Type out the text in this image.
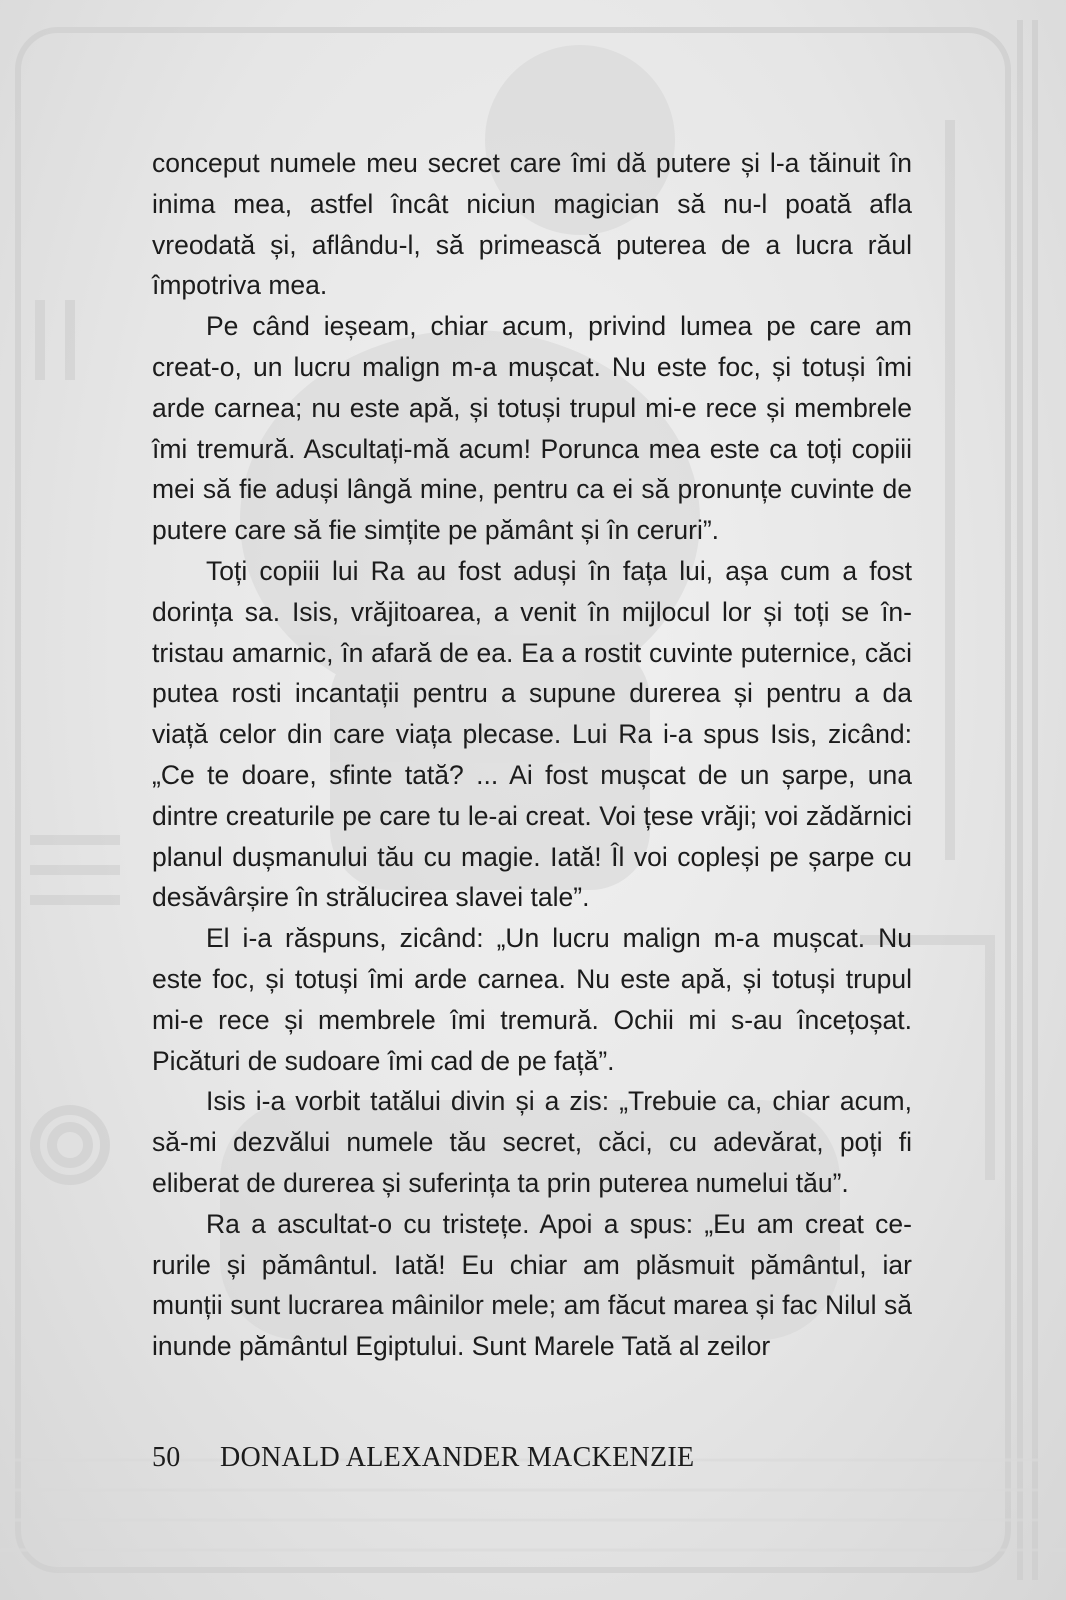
conceput numele meu secret care îmi dă putere și l-a tăinuit în inima mea, astfel încât niciun magician să nu-l poată afla vreodată și, aflându-l, să primească puterea de a lucra răul împotriva mea.

Pe când ieșeam, chiar acum, privind lumea pe care am creat-o, un lucru malign m-a mușcat. Nu este foc, și totuși îmi arde carnea; nu este apă, și totuși trupul mi-e rece și membrele îmi tremură. Ascultați-mă acum! Porunca mea este ca toți copiii mei să fie aduși lângă mine, pentru ca ei să pronunțe cuvinte de putere care să fie simțite pe pământ și în ceruri”.

Toți copiii lui Ra au fost aduși în fața lui, așa cum a fost dorința sa. Isis, vrăjitoarea, a venit în mijlocul lor și toți se întristau amarnic, în afară de ea. Ea a rostit cuvinte puternice, căci putea rosti incantații pentru a supune durerea și pentru a da viață celor din care viața plecase. Lui Ra i-a spus Isis, zicând: „Ce te doare, sfinte tată? ... Ai fost mușcat de un șarpe, una dintre creaturile pe care tu le-ai creat. Voi țese vrăji; voi zădărnici planul dușmanului tău cu magie. Iată! Îl voi copleși pe șarpe cu desăvârșire în strălucirea slavei tale”.

El i-a răspuns, zicând: „Un lucru malign m-a mușcat. Nu este foc, și totuși îmi arde carnea. Nu este apă, și totuși trupul mi-e rece și membrele îmi tremură. Ochii mi s-au încețoșat. Picături de sudoare îmi cad de pe față”.

Isis i-a vorbit tatălui divin și a zis: „Trebuie ca, chiar acum, să-mi dezvălui numele tău secret, căci, cu adevărat, poți fi eliberat de durerea și suferința ta prin puterea numelui tău”.

Ra a ascultat-o cu tristețe. Apoi a spus: „Eu am creat cerurile și pământul. Iată! Eu chiar am plăsmuit pământul, iar munții sunt lucrarea mâinilor mele; am făcut marea și fac Nilul să inunde pământul Egiptului. Sunt Marele Tată al zeilor

50 DONALD ALEXANDER MACKENZIE
